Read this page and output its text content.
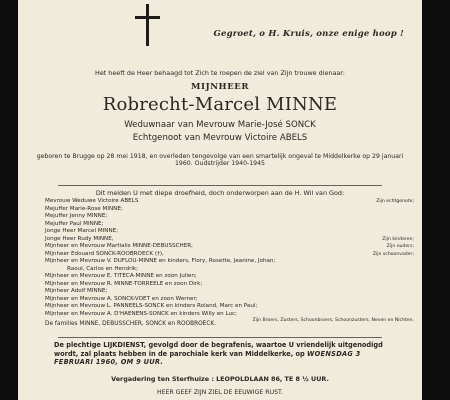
Gegroet, o H. Kruis, onze enige hoop !
Het heeft de Heer behaagd tot Zich te roepen de ziel van Zijn trouwe dienaar:
MIJNHEER
Robrecht-Marcel MINNE
Weduwnaar van Mevrouw Marie-José SONCK
Echtgenoot van Mevrouw Victoire ABELS
geboren te Brugge op 28 mei 1918, en overleden tengevolge van een smartelijk ongeval te Middelkerke op 29 januari 1960. Oudstrijder 1940-1945
Dit melden U met diepe droefheid, doch onderworpen aan de H. Wil van God:
Mevrouw Weduwe Victoire ABELS	Zijn echtgenote;
Mejuffer Marie-Rose MINNE;
Mejuffer Jenny MINNE;
Mejuffer Paul MINNE;
Jonge Heer Marcel MINNE;
Jonge Heer Rudy MINNE,	Zijn kinderen;
Mijnheer en Mevrouw Martialis MINNE-DEBUSSCHER,	Zijn ouders;
Mijnheer Edouard SONCK-ROOBROECK (†),	Zijn schoonvader;
Mijnheer en Mevrouw V. DUFLOU-MINNE en kinders, Flory, Rosette, Jeanine, Johan;
Raoul, Carlos en Hendrik;
Mijnheer en Mevrouw E. TITECA-MINNE en zoon Julien;
Mijnheer en Mevrouw R. MINNE-TORREELE en zoon Dirk;
Mijnheer Adolf MINNE;
Mijnheer en Mevrouw A. SONCK-VOET en zoon Werner;
Mijnheer en Mevrouw L. PANNEELS-SONCK en kinders Roland, Marc en Paul;
Mijnheer en Mevrouw A. D'HAENENS-SONCK en kinders Willy en Luc;
Zijn Broers, Zusters, Schoonbroers, Schoonzusters, Neven en Nichten.
De families MINNE, DEBUSSCHER, SONCK en ROOBROECK.
De plechtige LIJKDIENST, gevolgd door de begrafenis, waartoe U vriendelijk uitgenodigd wordt, zal plaats hebben in de parochiale kerk van Middelkerke, op WOENSDAG 3 FEBRUARI 1960, OM 9 UUR.
Vergadering ten Sterfhuize : LEOPOLDLAAN 86, TE 8 ½ UUR.
HEER GEEF ZIJN ZIEL DE EEUWIGE RUST.
